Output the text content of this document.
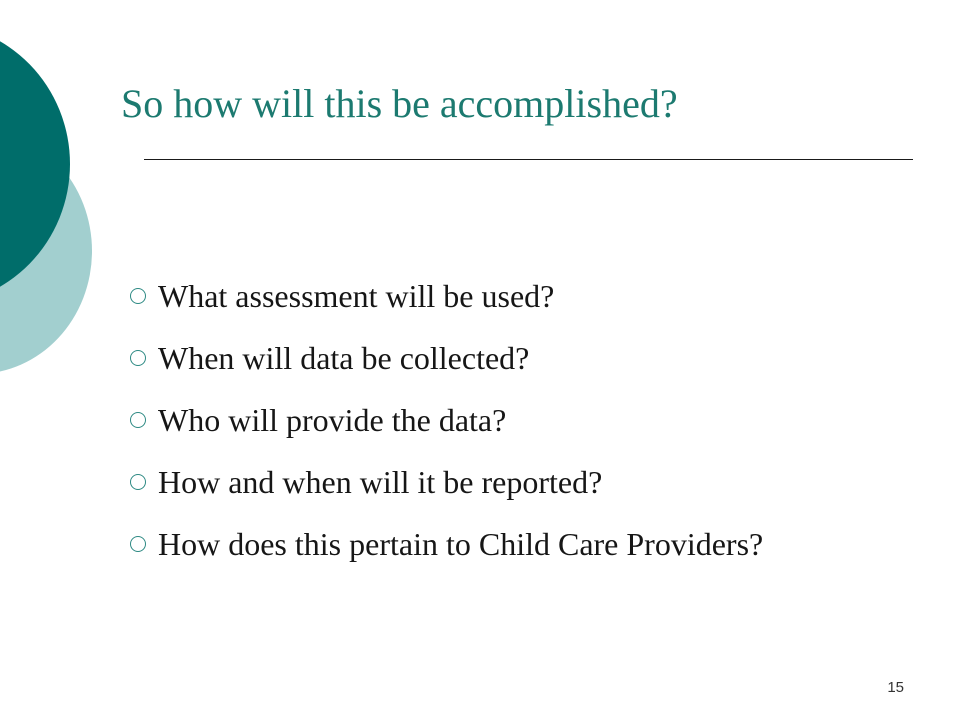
So how will this be accomplished?
What assessment will be used?
When will data be collected?
Who will provide the data?
How and when will it be reported?
How does this pertain to Child Care Providers?
15
